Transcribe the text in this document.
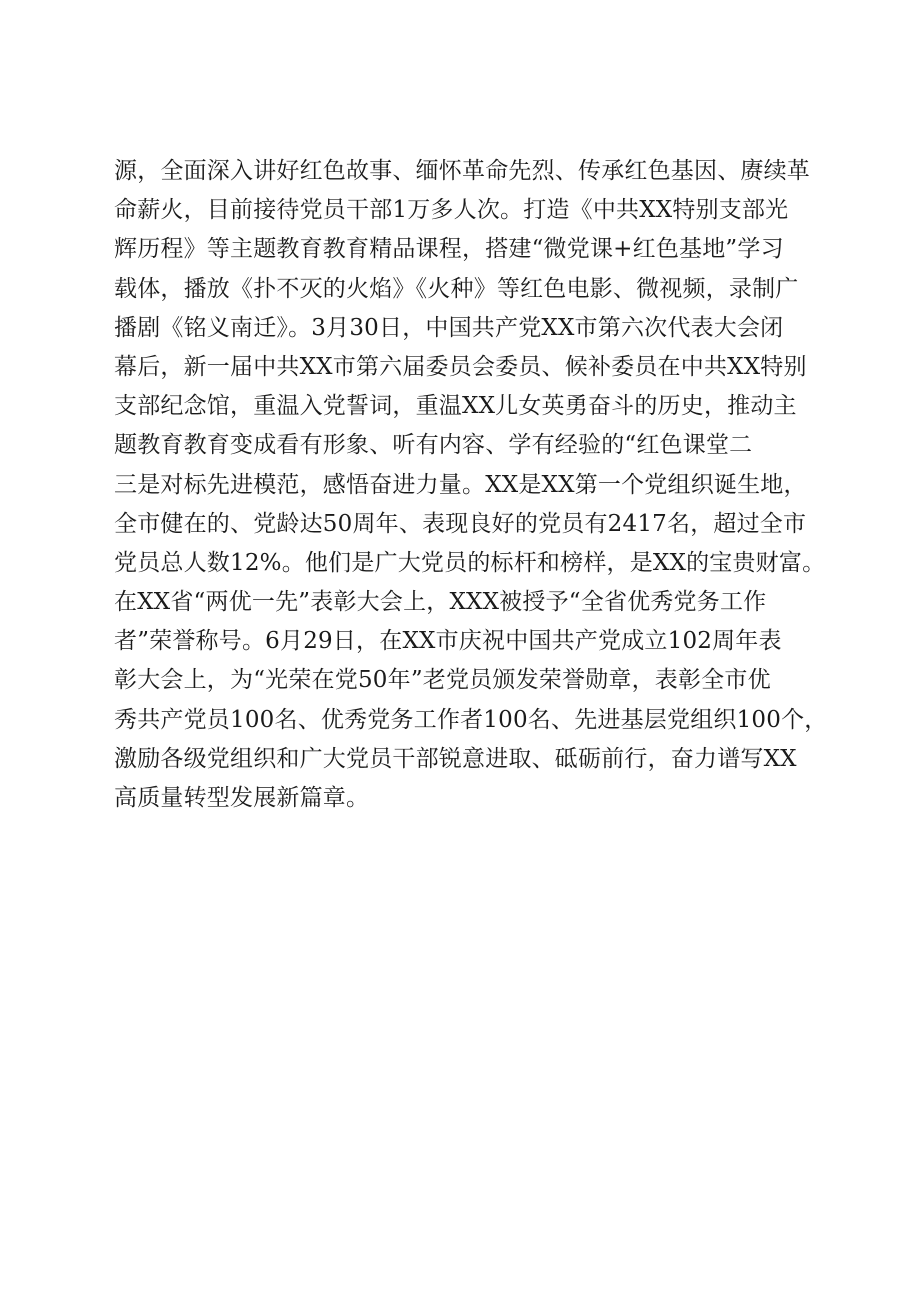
源，全面深入讲好红色故事、缅怀革命先烈、传承红色基因、赓续革
命薪火，目前接待党员干部1万多人次。打造《中共XX特别支部光
辉历程》等主题教育教育精品课程，搭建“微党课+红色基地”学习
载体，播放《扑不灭的火焰》《火种》等红色电影、微视频，录制广
播剧《铭义南迁》。3月30日，中国共产党XX市第六次代表大会闭
幕后，新一届中共XX市第六届委员会委员、候补委员在中共XX特别
支部纪念馆，重温入党誓词，重温XX儿女英勇奋斗的历史，推动主
题教育教育变成看有形象、听有内容、学有经验的“红色课堂二
三是对标先进模范，感悟奋进力量。XX是XX第一个党组织诞生地，
全市健在的、党龄达50周年、表现良好的党员有2417名，超过全市
党员总人数12%。他们是广大党员的标杆和榜样，是XX的宝贵财富。
在XX省“两优一先”表彰大会上，XXX被授予“全省优秀党务工作
者”荣誉称号。6月29日，在XX市庆祝中国共产党成立102周年表
彰大会上，为“光荣在党50年”老党员颁发荣誉勋章，表彰全市优
秀共产党员100名、优秀党务工作者100名、先进基层党组织100个，
激励各级党组织和广大党员干部锐意进取、砥砺前行，奋力谱写XX
高质量转型发展新篇章。
